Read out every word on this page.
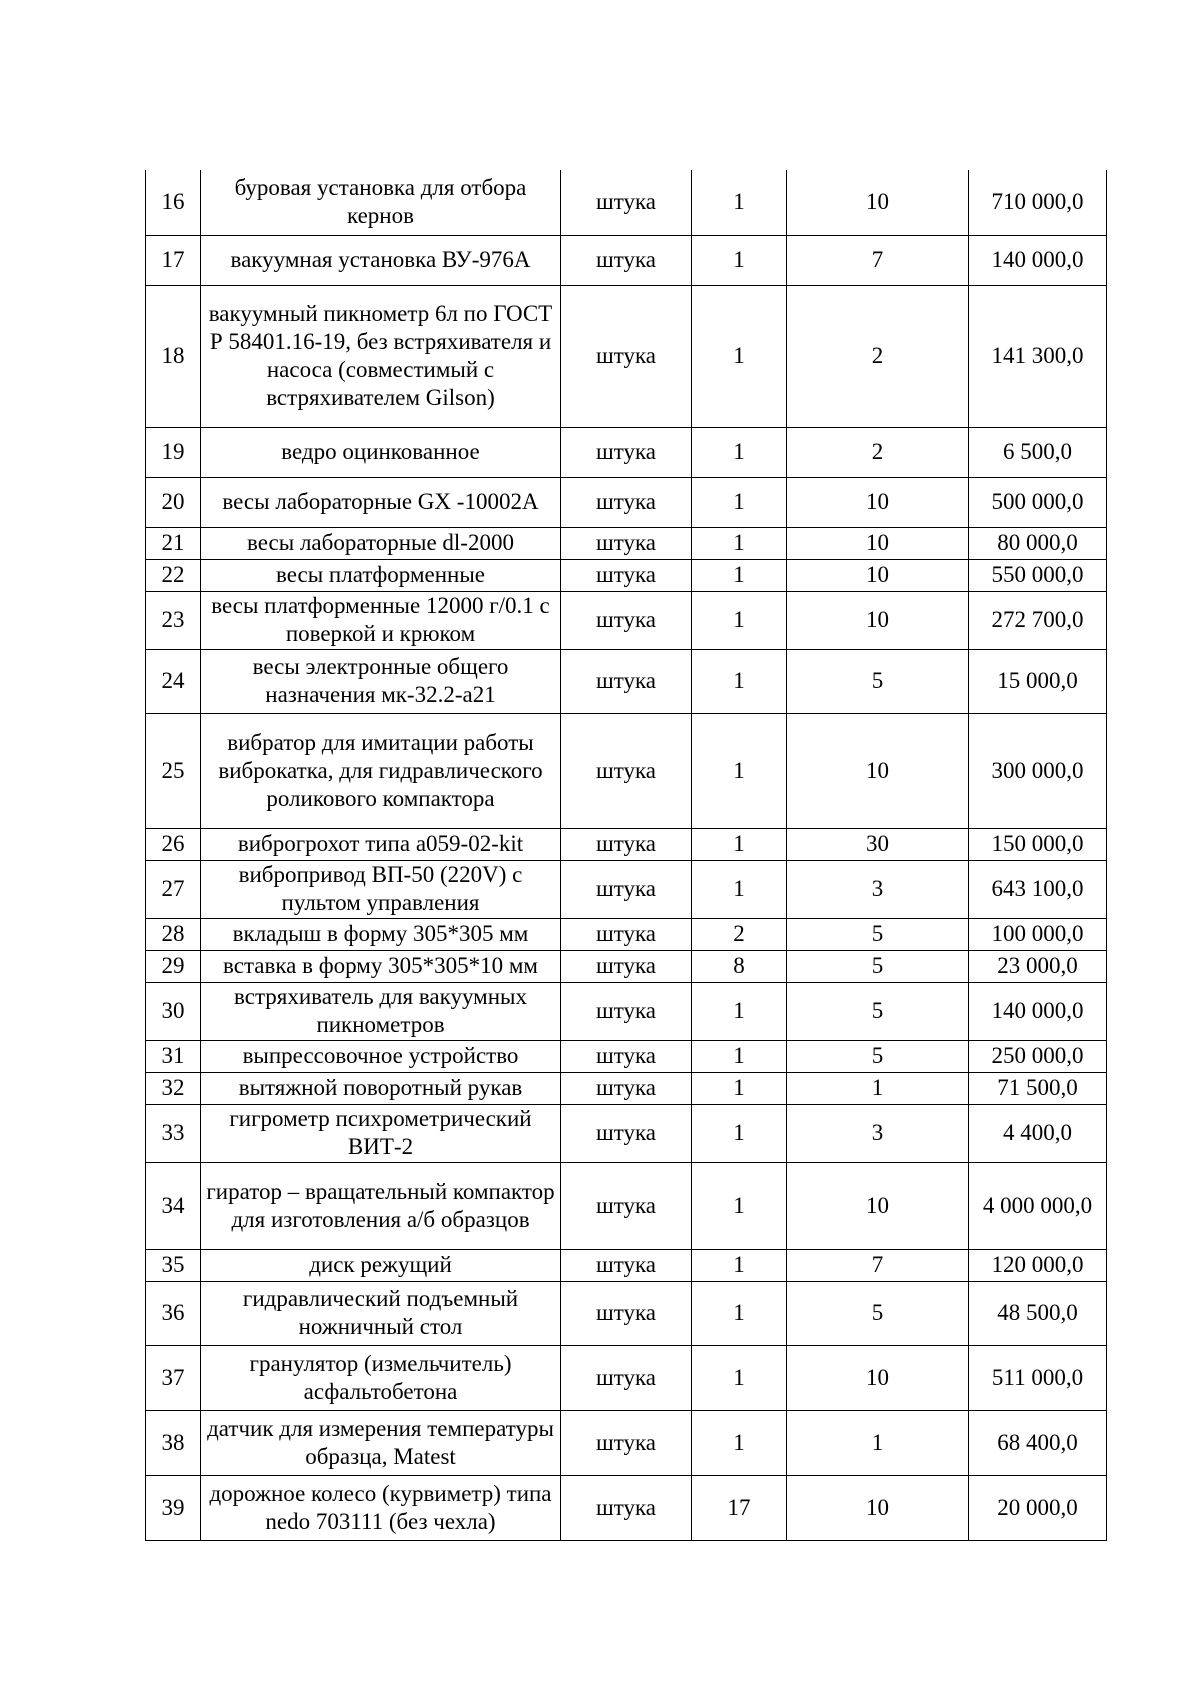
16	буровая установка для отбора кернов	штука	1	10	710 000,0
17	вакуумная установка ВУ-976А	штука	1	7	140 000,0
18	вакуумный пикнометр 6л по ГОСТ Р 58401.16-19, без встряхивателя и насоса (совместимый с встряхивателем Gilson)	штука	1	2	141 300,0
19	ведро оцинкованное	штука	1	2	6 500,0
20	весы лабораторные GX -10002A	штука	1	10	500 000,0
21	весы лабораторные dl-2000	штука	1	10	80 000,0
22	весы платформенные	штука	1	10	550 000,0
23	весы платформенные 12000 г/0.1 с поверкой и крюком	штука	1	10	272 700,0
24	весы электронные общего назначения мк-32.2-а21	штука	1	5	15 000,0
25	вибратор для имитации работы виброкатка, для гидравлического роликового компактора	штука	1	10	300 000,0
26	виброгрохот типа а059-02-kit	штука	1	30	150 000,0
27	вибропривод ВП-50 (220V) с пультом управления	штука	1	3	643 100,0
28	вкладыш в форму 305*305 мм	штука	2	5	100 000,0
29	вставка в форму 305*305*10 мм	штука	8	5	23 000,0
30	встряхиватель для вакуумных пикнометров	штука	1	5	140 000,0
31	выпрессовочное устройство	штука	1	5	250 000,0
32	вытяжной поворотный рукав	штука	1	1	71 500,0
33	гигрометр психрометрический ВИТ-2	штука	1	3	4 400,0
34	гиратор – вращательный компактор для изготовления а/б образцов	штука	1	10	4 000 000,0
35	диск режущий	штука	1	7	120 000,0
36	гидравлический подъемный ножничный стол	штука	1	5	48 500,0
37	гранулятор (измельчитель) асфальтобетона	штука	1	10	511 000,0
38	датчик для измерения температуры образца, Matest	штука	1	1	68 400,0
39	дорожное колесо (курвиметр) типа nedo 703111 (без чехла)	штука	17	10	20 000,0
